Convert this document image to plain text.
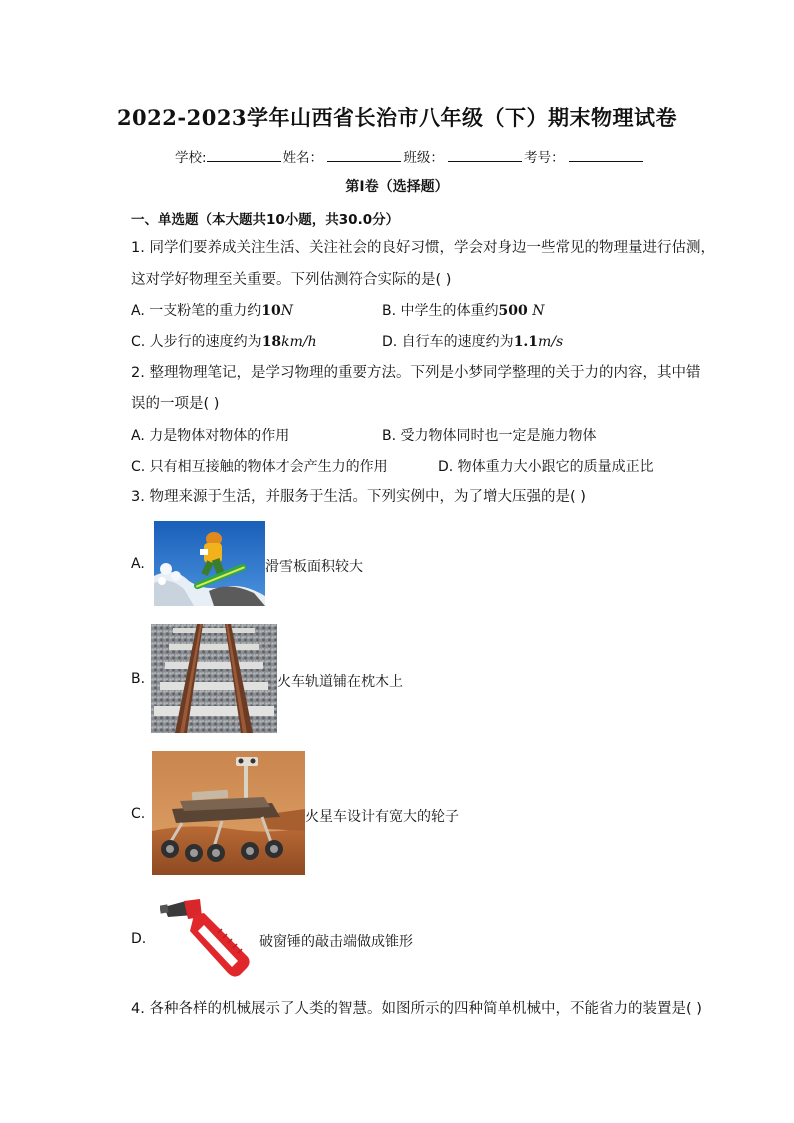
2022-2023学年山西省长治市八年级（下）期末物理试卷
学校:	姓名：	班级：	考号：
第Ⅰ卷（选择题）
一、单选题（本大题共10小题，共30.0分）
1. 同学们要养成关注生活、关注社会的良好习惯，学会对身边一些常见的物理量进行估测，
这对学好物理至关重要。下列估测符合实际的是( )
A. 一支粉笔的重力约10N	B. 中学生的体重约500 N
C. 人步行的速度约为18km/h	D. 自行车的速度约为1.1m/s
2. 整理物理笔记，是学习物理的重要方法。下列是小梦同学整理的关于力的内容，其中错
误的一项是( )
A. 力是物体对物体的作用	B. 受力物体同时也一定是施力物体
C. 只有相互接触的物体才会产生力的作用	D. 物体重力大小跟它的质量成正比
3. 物理来源于生活，并服务于生活。下列实例中，为了增大压强的是( )
A.	滑雪板面积较大
B.	火车轨道铺在枕木上
C.	火星车设计有宽大的轮子
D.	破窗锤的敲击端做成锥形
4. 各种各样的机械展示了人类的智慧。如图所示的四种简单机械中，不能省力的装置是( )
